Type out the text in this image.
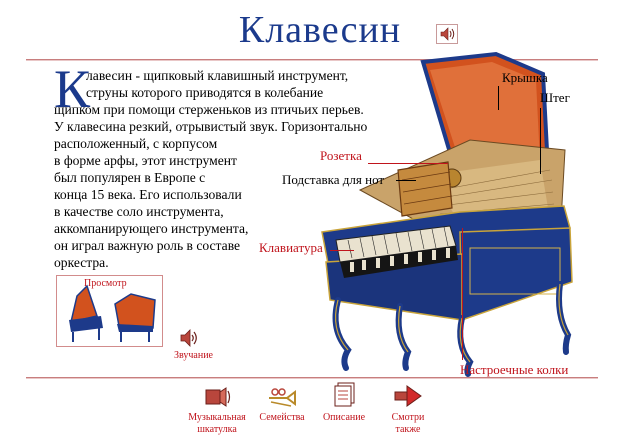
Клавесин
К
лавесин - щипковый клавишный инструмент,
струны которого приводятся в колебание
щипком при помощи стерженьков из птичьих перьев.
У клавесина резкий, отрывистый звук. Горизонтально
расположенный, с корпусом
в форме арфы, этот инструмент
был популярен в Европе с
конца 15 века. Его использовали
в качестве соло инструмента,
аккомпанирующего инструмента,
он играл важную роль в составе
оркестра.
Крышка
Штег
Розетка
Подставка для нот
Клавиатура
Настроечные колки
Просмотр
Звучание
Музыкальная
шкатулка
Семейства	Описание	Смотри
также
